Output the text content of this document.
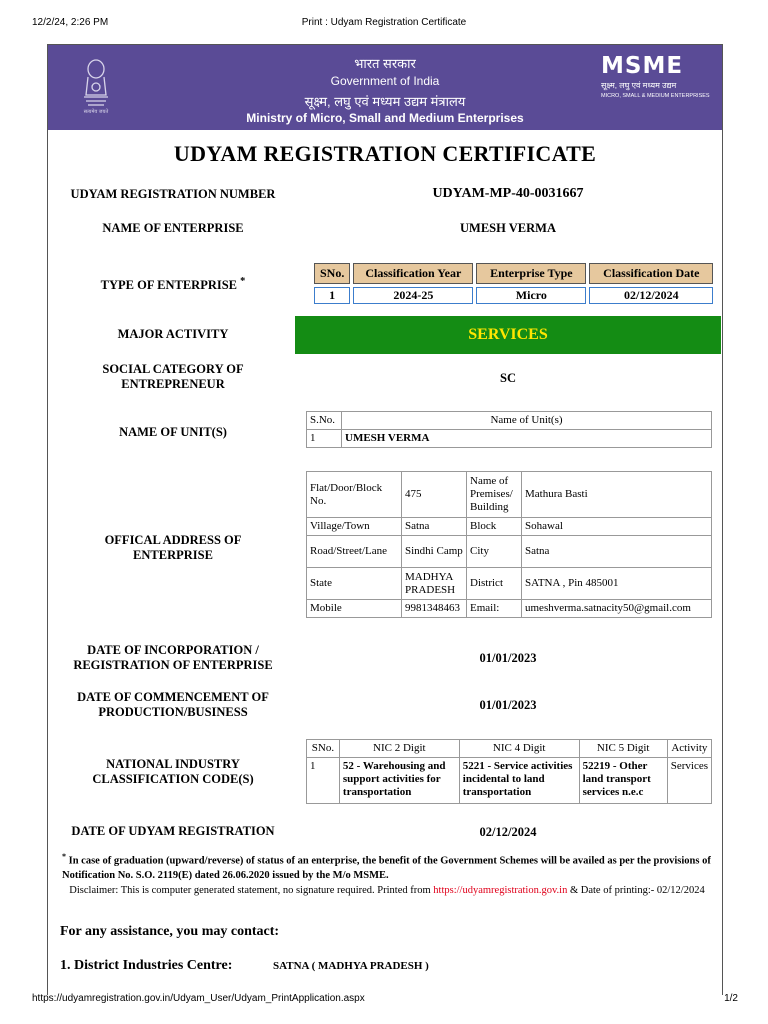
12/2/24, 2:26 PM	Print : Udyam Registration Certificate
सत्यमेव जयते
भारत सरकार
Government of India
सूक्ष्म, लघु एवं मध्यम उद्यम मंत्रालय
Ministry of Micro, Small and Medium Enterprises
MSME
सूक्ष्म, लघु एवं मध्यम उद्यम
MICRO, SMALL & MEDIUM ENTERPRISES
UDYAM REGISTRATION CERTIFICATE
UDYAM REGISTRATION NUMBER	UDYAM-MP-40-0031667
NAME OF ENTERPRISE	UMESH VERMA
TYPE OF ENTERPRISE *
SNo.	Classification Year	Enterprise Type	Classification Date
1	2024-25	Micro	02/12/2024
MAJOR ACTIVITY	SERVICES
SOCIAL CATEGORY OF
ENTREPRENEUR	SC
NAME OF UNIT(S)
S.No.	Name of Unit(s)
1	UMESH VERMA
OFFICAL ADDRESS OF
ENTERPRISE
Flat/Door/Block No.	475	Name of Premises/ Building	Mathura Basti
Village/Town	Satna	Block	Sohawal
Road/Street/Lane	Sindhi Camp	City	Satna
State	MADHYA PRADESH	District	SATNA , Pin 485001
Mobile	9981348463	Email:	umeshverma.satnacity50@gmail.com
DATE OF INCORPORATION /
REGISTRATION OF ENTERPRISE	01/01/2023
DATE OF COMMENCEMENT OF
PRODUCTION/BUSINESS	01/01/2023
NATIONAL INDUSTRY
CLASSIFICATION CODE(S)
SNo.	NIC 2 Digit	NIC 4 Digit	NIC 5 Digit	Activity
1	52 - Warehousing and support activities for transportation	5221 - Service activities incidental to land transportation	52219 - Other land transport services n.e.c	Services
DATE OF UDYAM REGISTRATION	02/12/2024
* In case of graduation (upward/reverse) of status of an enterprise, the benefit of the Government Schemes will be availed as per the provisions of Notification No. S.O. 2119(E) dated 26.06.2020 issued by the M/o MSME.
Disclaimer: This is computer generated statement, no signature required. Printed from https://udyamregistration.gov.in & Date of printing:- 02/12/2024
For any assistance, you may contact:
1. District Industries Centre:	SATNA ( MADHYA PRADESH )
https://udyamregistration.gov.in/Udyam_User/Udyam_PrintApplication.aspx	1/2
